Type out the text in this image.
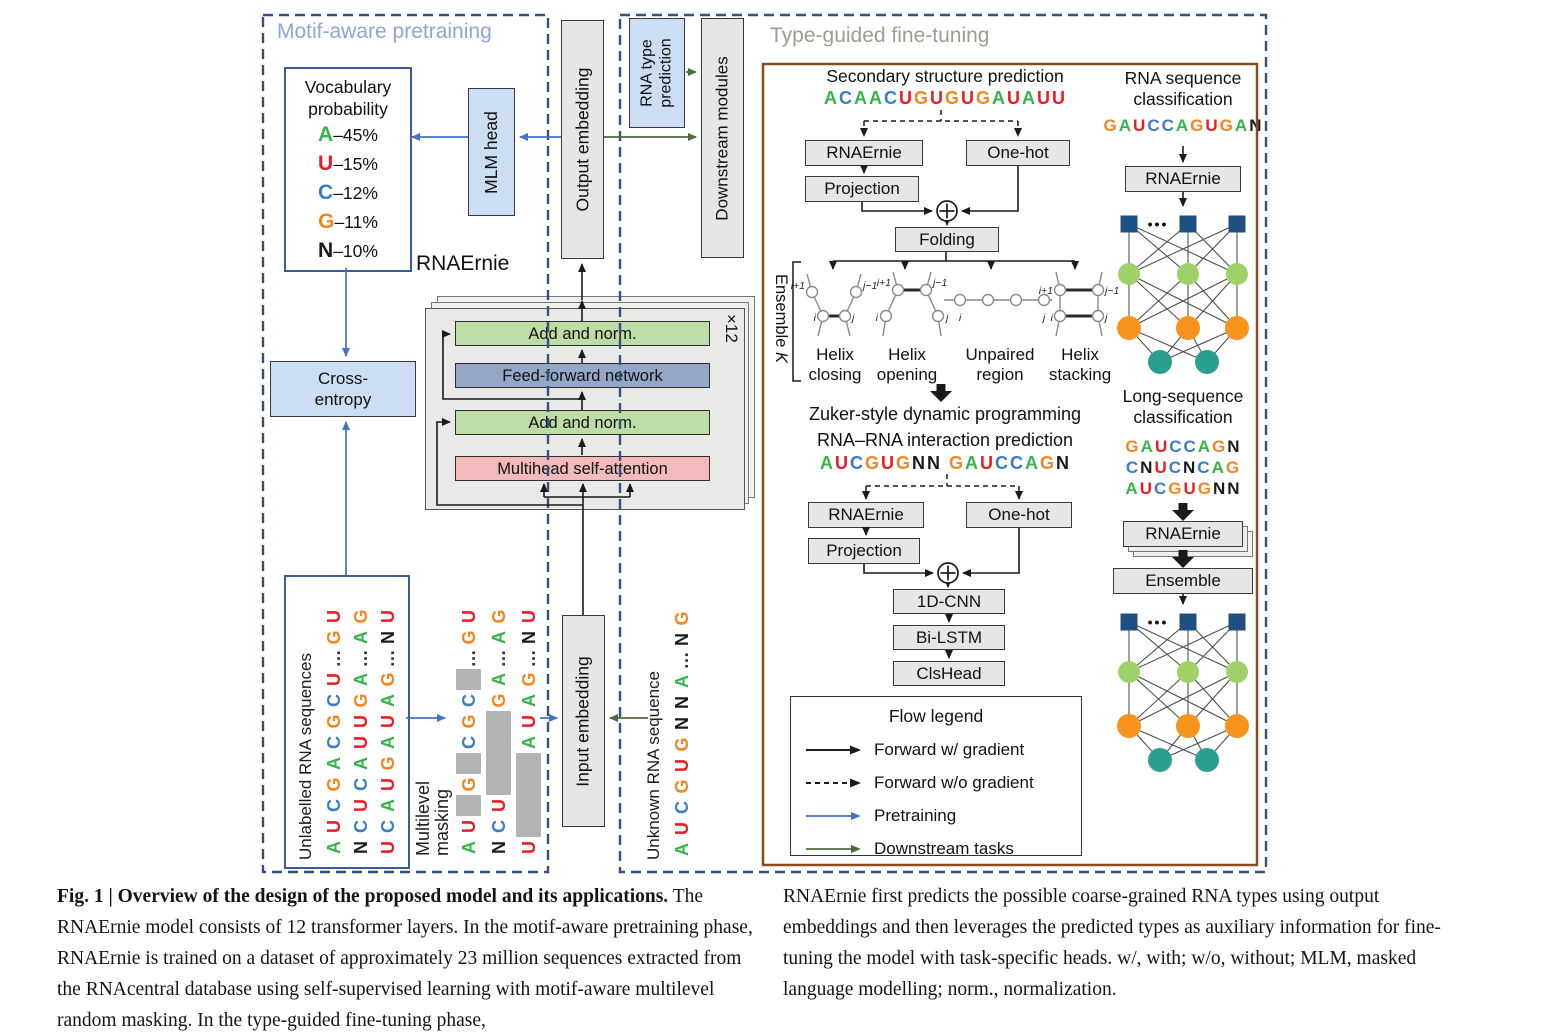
Motif-aware pretraining	Type-guided fine-tuning
Vocabulary
probability
A –45%
U –15%
C –12%
G –11%
N –10%
MLM head	Output embedding	RNA type prediction Downstream modules
Cross-
entropy
RNAErnie
×12
Add and norm.
Feed-forward network
Add and norm.
Multihead self-attention
Unlabelled RNA sequences AUCGACGCU…GU
NCUCAUUGA…AG
UCAUGAUAG…NU
Multilevel
masking AUGCGC…GU
NCUGA…AG
UAUAG…NU
Input embedding	Unknown RNA sequence AUCGUGNNA…NG
Secondary structure prediction
ACAACUGUGUGAUAUU
RNAErnie	One-hot
Projection
Folding
i+1	j−1
i	j
i+1	j−1
i	j i	j
i+1	j−1
i	j
Helix
closing
Helix
opening
Unpaired
region
Helix
stacking
Ensemble K
Zuker-style dynamic programming
RNA–RNA interaction prediction
AUCGUGNN GAUCCAGN
RNAErnie	One-hot
Projection
1D-CNN
Bi-LSTM
ClsHead
Flow legend
Forward w/ gradient
Forward w/o gradient
Pretraining
Downstream tasks
RNA sequence
classification
GAUCCAGUGAN
RNAErnie
•••
Long-sequence
classification
GAUCCAGN
CNUCNCAG
AUCGUGNN
RNAErnie
Ensemble
•••
Fig. 1 | Overview of the design of the proposed model and its applications. The RNAErnie model consists of 12 transformer layers. In the motif-aware pretraining phase, RNAErnie is trained on a dataset of approximately 23 million sequences extracted from the RNAcentral database using self-supervised learning with motif-aware multilevel random masking. In the type-guided fine-tuning phase,
RNAErnie first predicts the possible coarse-grained RNA types using output embeddings and then leverages the predicted types as auxiliary information for fine-tuning the model with task-specific heads. w/, with; w/o, without; MLM, masked language modelling; norm., normalization.
